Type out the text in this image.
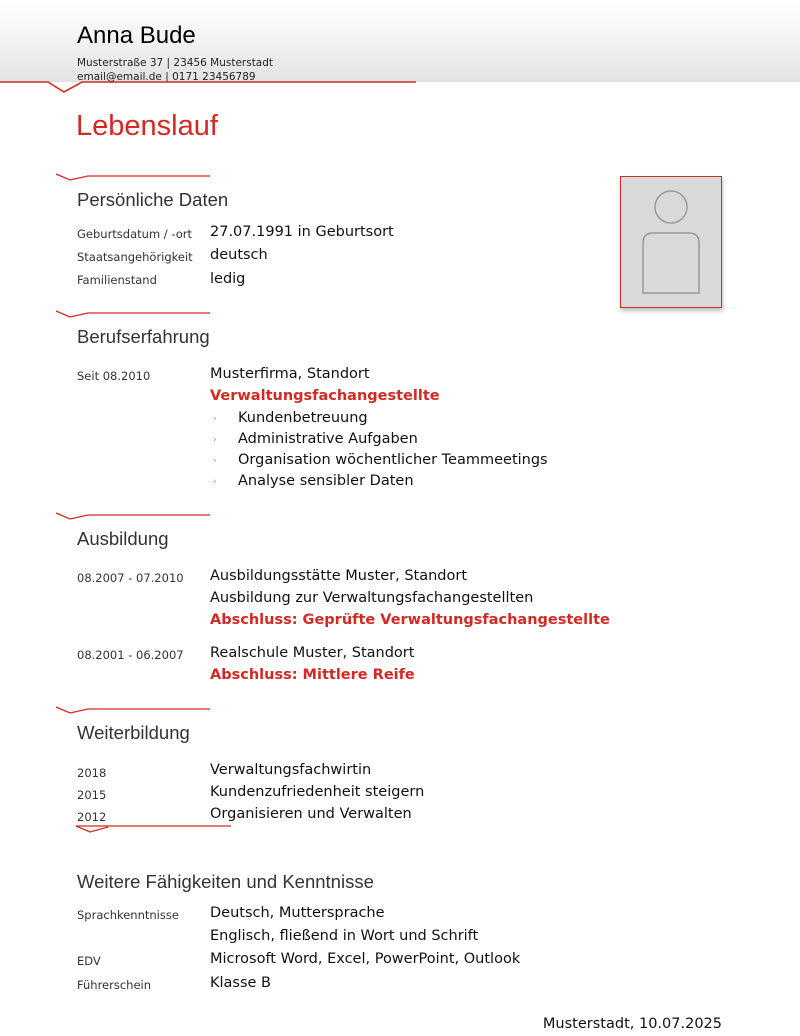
Anna Bude
Musterstraße 37 | 23456 Musterstadt
email@email.de | 0171 23456789
Lebenslauf
Persönliche Daten
Geburtsdatum / -ort 27.07.1991 in Geburtsort
Staatsangehörigkeit deutsch
Familienstand	ledig
Berufserfahrung
Seit 08.2010	Musterfirma, Standort
Verwaltungsfachangestellte
› Kundenbetreuung
› Administrative Aufgaben
› Organisation wöchentlicher Teammeetings
› Analyse sensibler Daten
Ausbildung
08.2007 - 07.2010 Ausbildungsstätte Muster, Standort
Ausbildung zur Verwaltungsfachangestellten
Abschluss: Geprüfte Verwaltungsfachangestellte
08.2001 - 06.2007 Realschule Muster, Standort
Abschluss: Mittlere Reife
Weiterbildung
2018	Verwaltungsfachwirtin
2015	Kundenzufriedenheit steigern
2012	Organisieren und Verwalten
Weitere Fähigkeiten und Kenntnisse
Sprachkenntnisse Deutsch, Muttersprache
Englisch, fließend in Wort und Schrift
EDV	Microsoft Word, Excel, PowerPoint, Outlook
Führerschein	Klasse B
Musterstadt, 10.07.2025
